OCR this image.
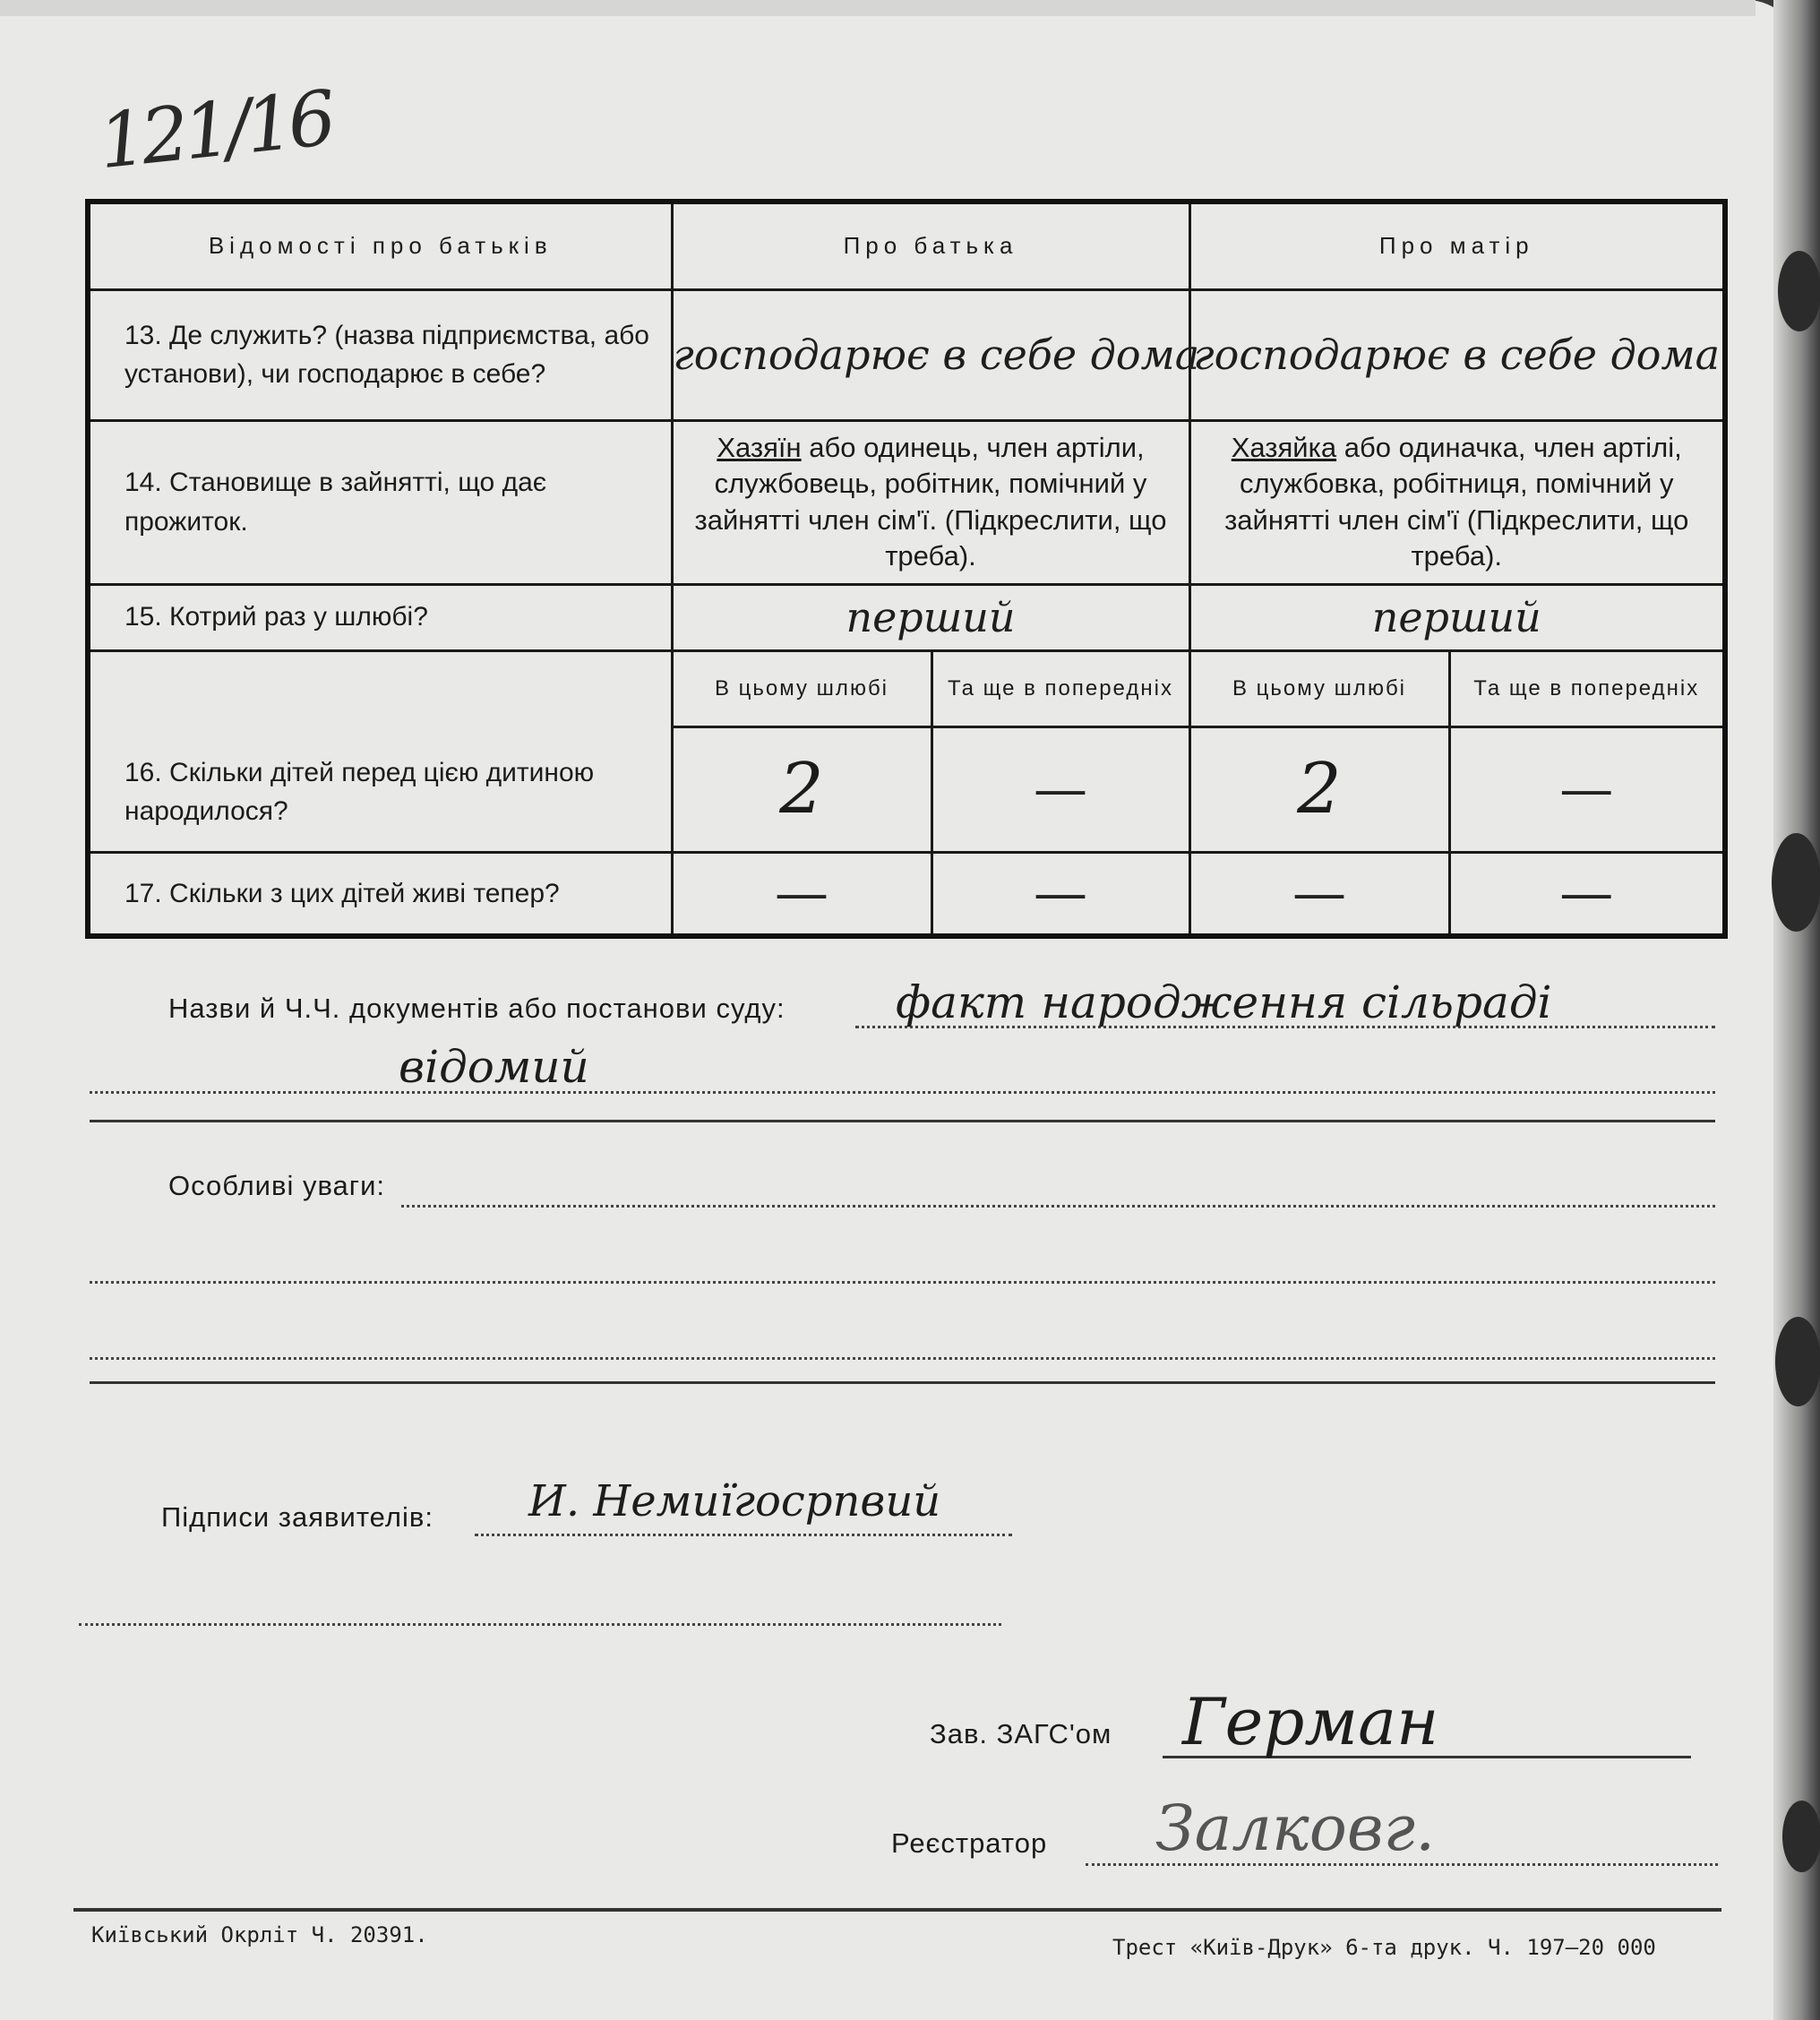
121/16
Відомості про батьків	Про батька		Про матір	
13. Де служить? (назва підприємства, або установи), чи господарює в себе?	господарює в себе дома		господарює в себе дома	
14. Становище в зайнятті, що дає прожиток.	Хазяїн або одинець, член артіли, службовець, робітник, помічний у зайнятті член сім'ї. (Підкреслити, що треба).		Хазяйка або одиначка, член артілі, службовка, робітниця, помічний у зайнятті член сім'ї (Підкреслити, що треба).	
15. Котрий раз у шлюбі?	перший		перший	
16. Скільки дітей перед цією дитиною народилося?	В цьому шлюбі	Та ще в попередніх	В цьому шлюбі	Та ще в попередніх
	2	—	2	—
17. Скільки з цих дітей живі тепер?	—	—	—	—
Назви й Ч.Ч. документів або постанови суду: факт народження сільраді
відомий
Особливі уваги:
Підписи заявителів: И. Немиїгосрпвий
Зав. ЗАГС'ом Герман
Реєстратор Залковг.
Київський Окрліт Ч. 20391.	Трест «Київ-Друк» 6-та друк. Ч. 197—20 000
